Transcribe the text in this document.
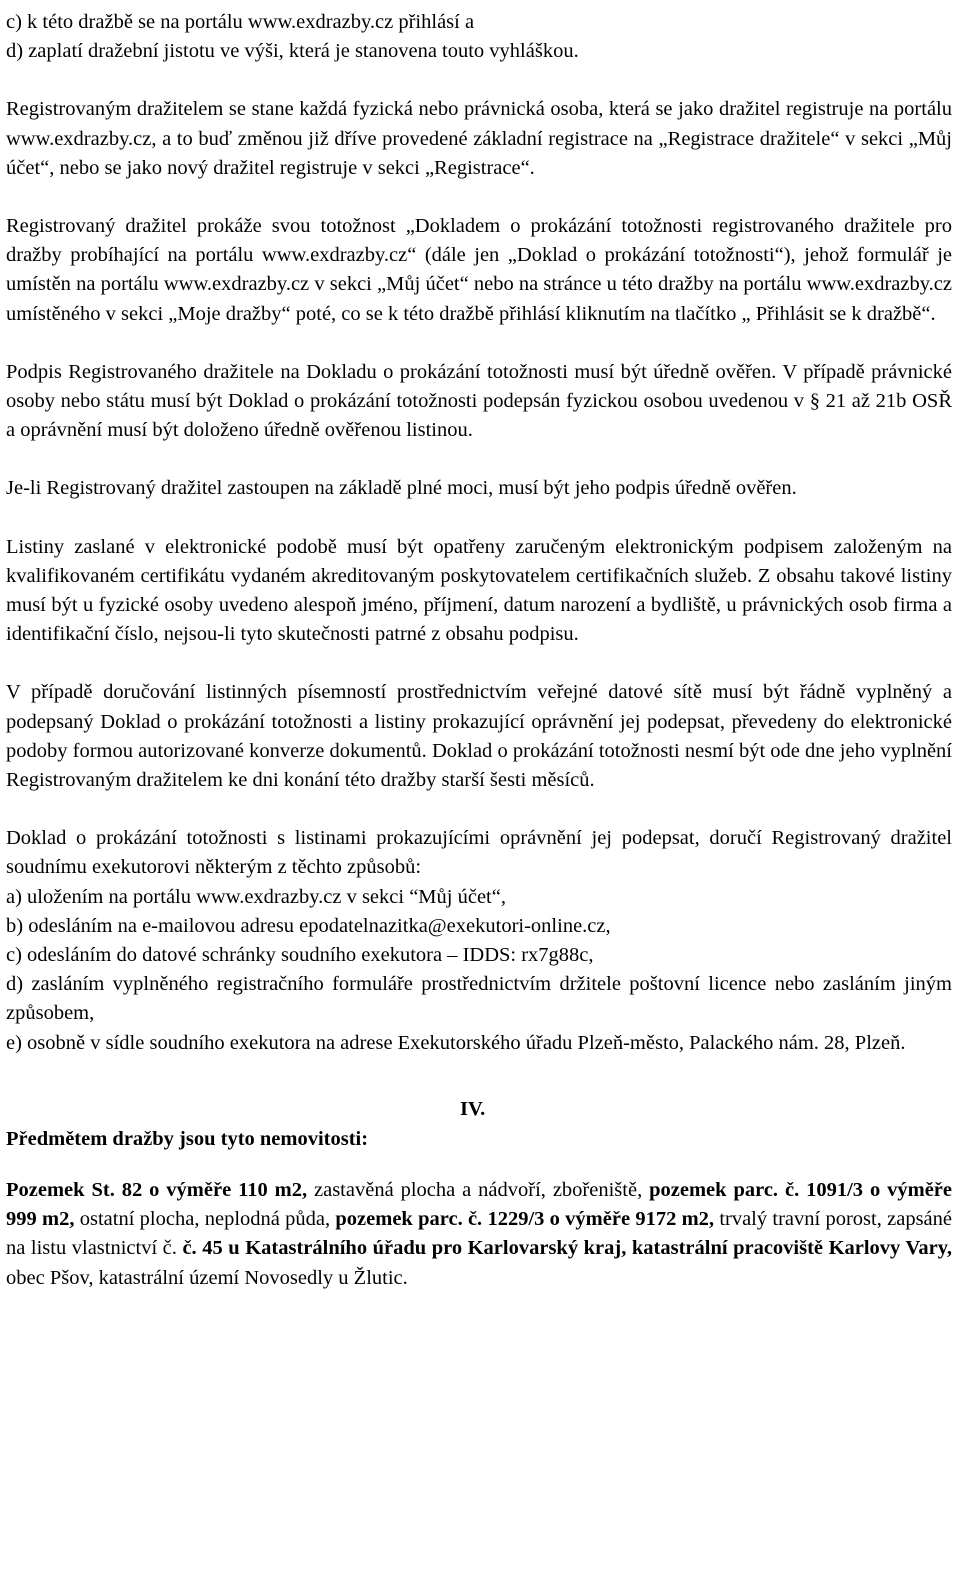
c) k této dražbě se na portálu www.exdrazby.cz přihlásí a
d) zaplatí dražební jistotu ve výši, která je stanovena touto vyhláškou.

Registrovaným dražitelem se stane každá fyzická nebo právnická osoba, která se jako dražitel registruje na portálu www.exdrazby.cz, a to buď změnou již dříve provedené základní registrace na „Registrace dražitele“ v sekci „Můj účet“, nebo se jako nový dražitel registruje v sekci „Registrace“.

Registrovaný dražitel prokáže svou totožnost „Dokladem o prokázání totožnosti registrovaného dražitele pro dražby probíhající na portálu www.exdrazby.cz“ (dále jen „Doklad o prokázání totožnosti“), jehož formulář je umístěn na portálu www.exdrazby.cz v sekci „Můj účet“ nebo na stránce u této dražby na portálu www.exdrazby.cz umístěného v sekci „Moje dražby“ poté, co se k této dražbě přihlásí kliknutím na tlačítko „ Přihlásit se k dražbě“.

Podpis Registrovaného dražitele na Dokladu o prokázání totožnosti musí být úředně ověřen. V případě právnické osoby nebo státu musí být Doklad o prokázání totožnosti podepsán fyzickou osobou uvedenou v § 21 až 21b OSŘ a oprávnění musí být doloženo úředně ověřenou listinou.

Je-li Registrovaný dražitel zastoupen na základě plné moci, musí být jeho podpis úředně ověřen.

Listiny zaslané v elektronické podobě musí být opatřeny zaručeným elektronickým podpisem založeným na kvalifikovaném certifikátu vydaném akreditovaným poskytovatelem certifikačních služeb. Z obsahu takové listiny musí být u fyzické osoby uvedeno alespoň jméno, příjmení, datum narození a bydliště, u právnických osob firma a identifikační číslo, nejsou-li tyto skutečnosti patrné z obsahu podpisu.

V případě doručování listinných písemností prostřednictvím veřejné datové sítě musí být řádně vyplněný a podepsaný Doklad o prokázání totožnosti a listiny prokazující oprávnění jej podepsat, převedeny do elektronické podoby formou autorizované konverze dokumentů. Doklad o prokázání totožnosti nesmí být ode dne jeho vyplnění Registrovaným dražitelem ke dni konání této dražby starší šesti měsíců.

Doklad o prokázání totožnosti s listinami prokazujícími oprávnění jej podepsat, doručí Registrovaný dražitel soudnímu exekutorovi některým z těchto způsobů:
a) uložením na portálu www.exdrazby.cz v sekci “Můj účet“,
b) odesláním na e-mailovou adresu epodatelnazitka@exekutori-online.cz,
c) odesláním do datové schránky soudního exekutora – IDDS: rx7g88c,
d) zasláním vyplněného registračního formuláře prostřednictvím držitele poštovní licence nebo zasláním jiným způsobem,
e) osobně v sídle soudního exekutora na adrese Exekutorského úřadu Plzeň-město, Palackého nám. 28, Plzeň.
IV.
Předmětem dražby jsou tyto nemovitosti:

Pozemek St. 82 o výměře 110 m2, zastavěná plocha a nádvoří, zbořeniště, pozemek parc. č. 1091/3 o výměře 999 m2, ostatní plocha, neplodná půda, pozemek parc. č. 1229/3 o výměře 9172 m2, trvalý travní porost, zapsáné na listu vlastnictví č. č. 45 u Katastrálního úřadu pro Karlovarský kraj, katastrální pracoviště Karlovy Vary, obec Pšov, katastrální území Novosedly u Žlutic.
